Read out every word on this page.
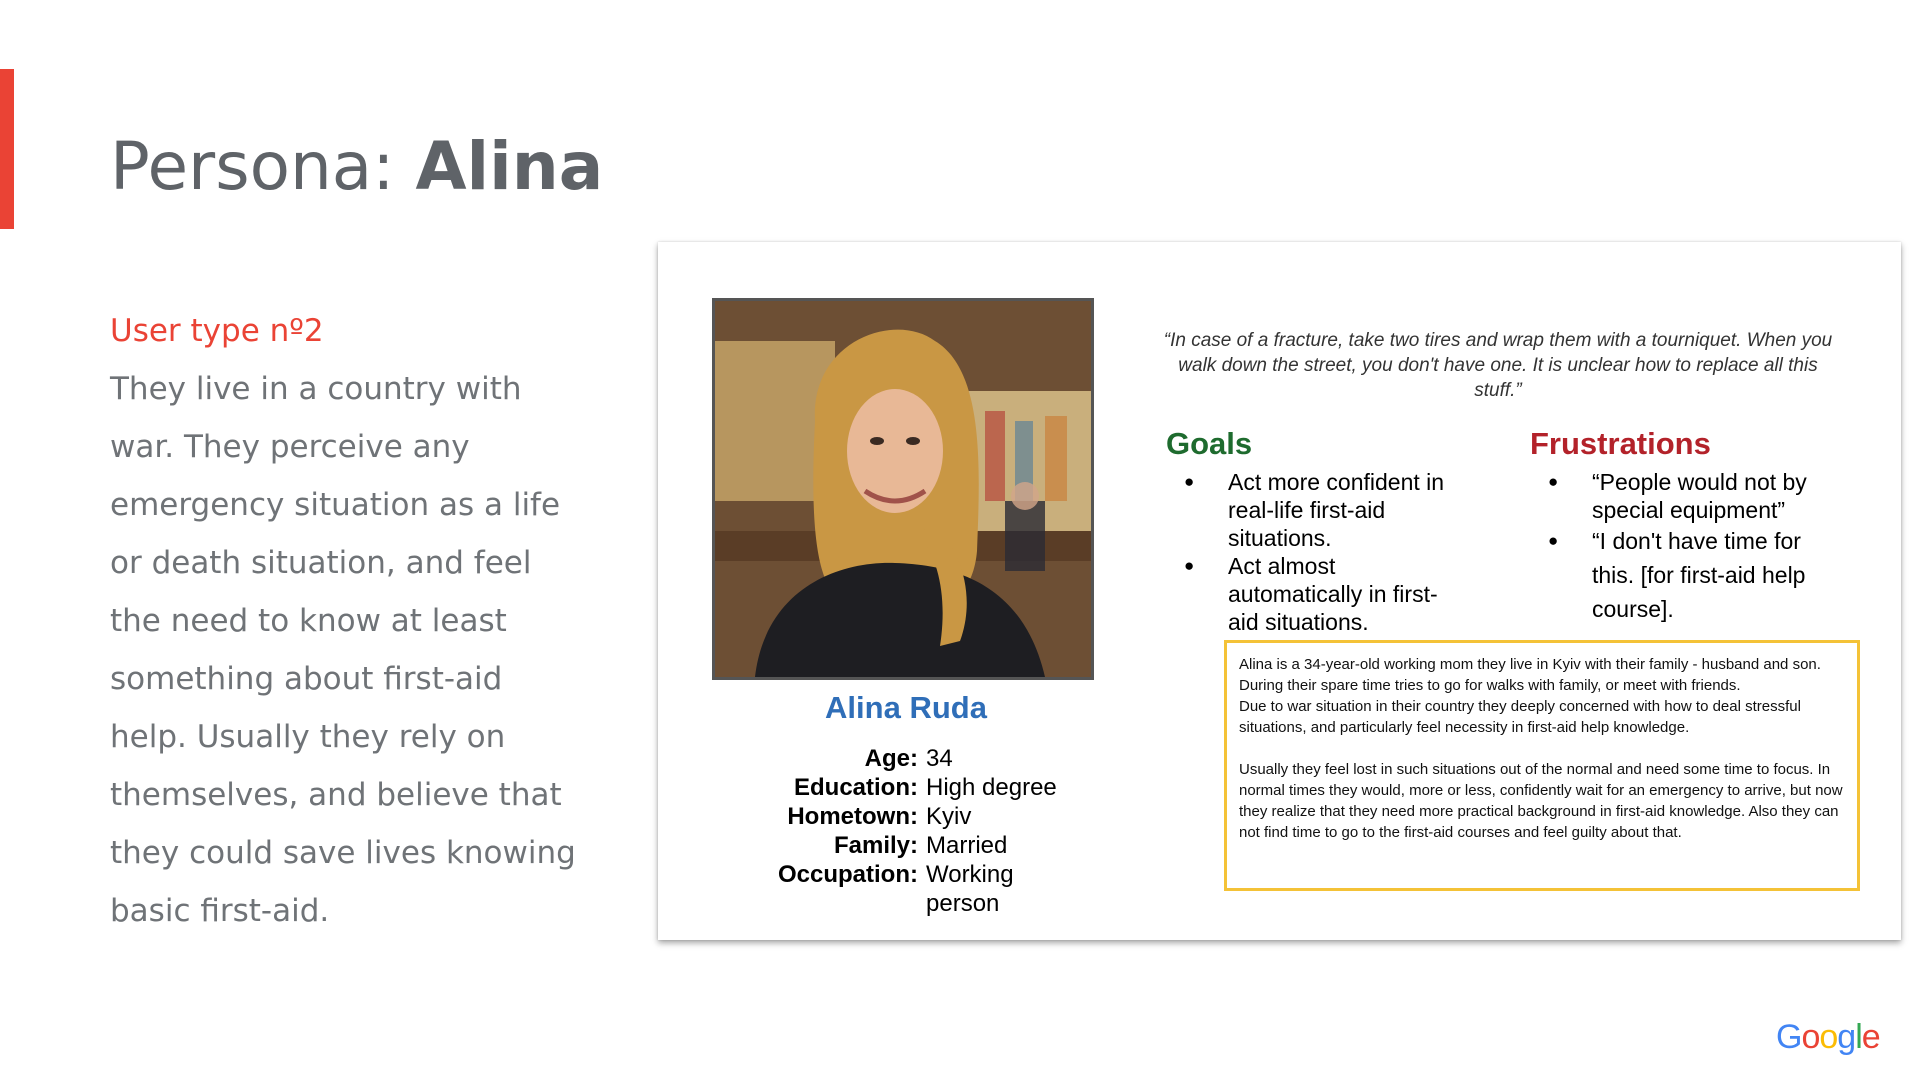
Persona: Alina

User type nº2

They live in a country with war. They perceive any emergency situation as a life or death situation, and feel the need to know at least something about first-aid help. Usually they rely on themselves, and believe that they could save lives knowing basic first-aid.

Alina Ruda
Age: 34
Education: High degree
Hometown: Kyiv
Family: Married
Occupation: Working person
“In case of a fracture, take two tires and wrap them with a tourniquet. When you walk down the street, you don't have one. It is unclear how to replace all this stuff.”
Goals
● Act more confident in real-life first-aid situations.
● Act almost automatically in first-aid situations.
Frustrations
● “People would not by special equipment”
● “I don't have time for this. [for first-aid help course].

Alina is a 34-year-old working mom they live in Kyiv with their family - husband and son. During their spare time tries to go for walks with family, or meet with friends.

Due to war situation in their country they deeply concerned with how to deal stressful situations, and particularly feel necessity in first-aid help knowledge.

Usually they feel lost in such situations out of the normal and need some time to focus. In normal times they would, more or less, confidently wait for an emergency to arrive, but now they realize that they need more practical background in first-aid knowledge. Also they can not find time to go to the first-aid courses and feel guilty about that.

Google
